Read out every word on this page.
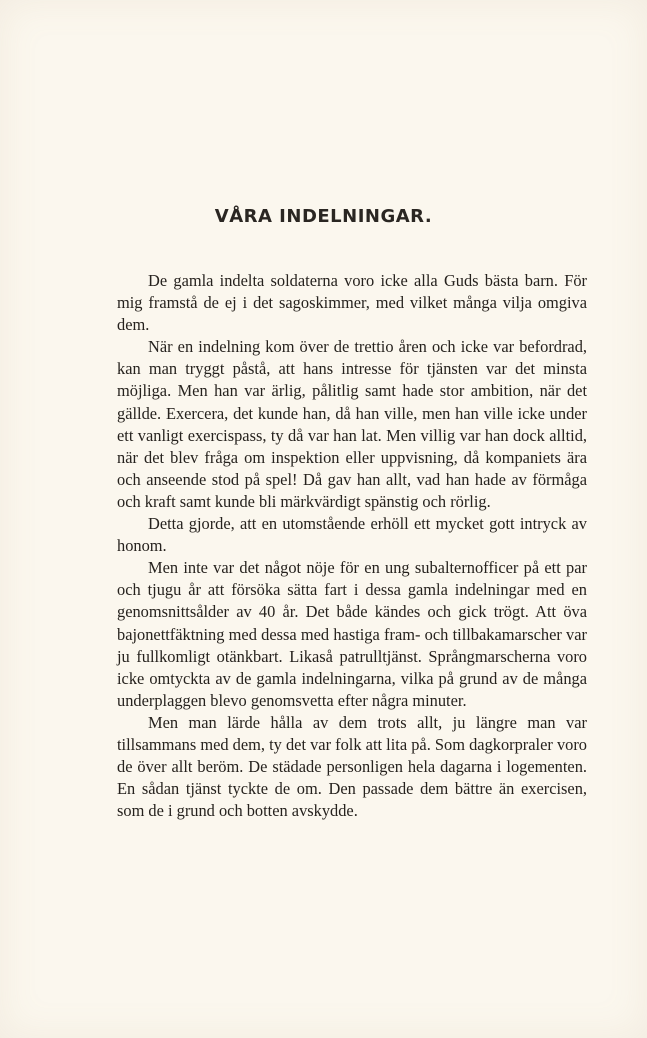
VÅRA INDELNINGAR.

De gamla indelta soldaterna voro icke alla Guds bästa barn. För mig framstå de ej i det sagoskimmer, med vilket många vilja omgiva dem.

När en indelning kom över de trettio åren och icke var befordrad, kan man tryggt påstå, att hans intresse för tjänsten var det minsta möjliga. Men han var ärlig, pålitlig samt hade stor ambition, när det gällde. Exercera, det kunde han, då han ville, men han ville icke under ett vanligt exercispass, ty då var han lat. Men villig var han dock alltid, när det blev fråga om inspektion eller uppvisning, då kompaniets ära och anseende stod på spel! Då gav han allt, vad han hade av förmåga och kraft samt kunde bli märkvärdigt spänstig och rörlig.

Detta gjorde, att en utomstående erhöll ett mycket gott intryck av honom.

Men inte var det något nöje för en ung subalternofficer på ett par och tjugu år att försöka sätta fart i dessa gamla indelningar med en genomsnittsålder av 40 år. Det både kändes och gick trögt. Att öva bajonettfäktning med dessa med hastiga fram- och tillbakamarscher var ju fullkomligt otänkbart. Likaså patrulltjänst. Språngmarscherna voro icke omtyckta av de gamla indelningarna, vilka på grund av de många underplaggen blevo genomsvetta efter några minuter.

Men man lärde hålla av dem trots allt, ju längre man var tillsammans med dem, ty det var folk att lita på. Som dagkorpraler voro de över allt beröm. De städade personligen hela dagarna i logementen. En sådan tjänst tyckte de om. Den passade dem bättre än exercisen, som de i grund och botten avskydde.
